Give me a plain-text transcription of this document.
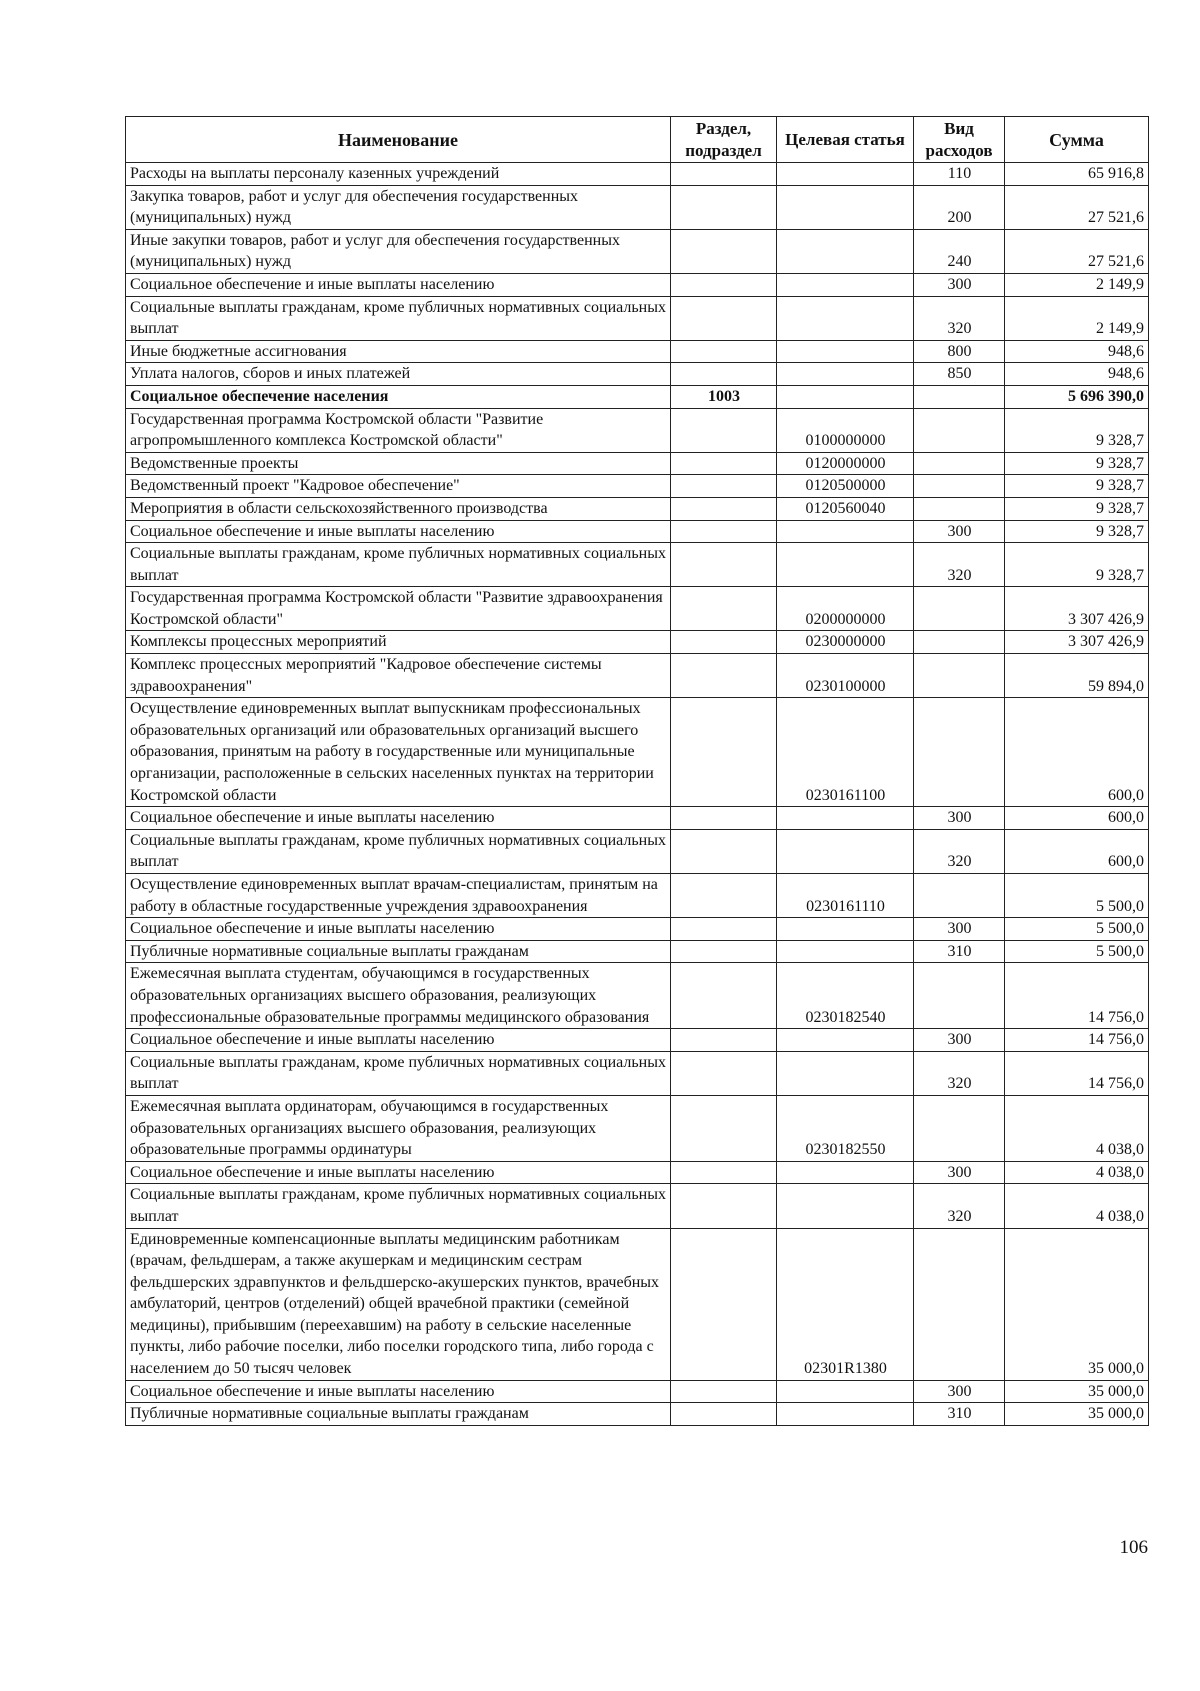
Наименование	Раздел, подраздел	Целевая статья	Вид расходов	Сумма
Расходы на выплаты персоналу казенных учреждений			110	65 916,8
Закупка товаров, работ и услуг для обеспечения государственных (муниципальных) нужд			200	27 521,6
Иные закупки товаров, работ и услуг для обеспечения государственных (муниципальных) нужд			240	27 521,6
Социальное обеспечение и иные выплаты населению			300	2 149,9
Социальные выплаты гражданам, кроме публичных нормативных социальных выплат			320	2 149,9
Иные бюджетные ассигнования			800	948,6
Уплата налогов, сборов и иных платежей			850	948,6
Социальное обеспечение населения	1003			5 696 390,0
Государственная программа Костромской области "Развитие агропромышленного комплекса Костромской области"		0100000000		9 328,7
Ведомственные проекты		0120000000		9 328,7
Ведомственный проект "Кадровое обеспечение"		0120500000		9 328,7
Мероприятия в области сельскохозяйственного производства		0120560040		9 328,7
Социальное обеспечение и иные выплаты населению			300	9 328,7
Социальные выплаты гражданам, кроме публичных нормативных социальных выплат			320	9 328,7
Государственная программа Костромской области "Развитие здравоохранения Костромской области"		0200000000		3 307 426,9
Комплексы процессных мероприятий		0230000000		3 307 426,9
Комплекс процессных мероприятий "Кадровое обеспечение системы здравоохранения"		0230100000		59 894,0
Осуществление единовременных выплат выпускникам профессиональных образовательных организаций или образовательных организаций высшего образования, принятым на работу в государственные или муниципальные организации, расположенные в сельских населенных пунктах на территории Костромской области		0230161100		600,0
Социальное обеспечение и иные выплаты населению			300	600,0
Социальные выплаты гражданам, кроме публичных нормативных социальных выплат			320	600,0
Осуществление единовременных выплат врачам-специалистам, принятым на работу в областные государственные учреждения здравоохранения		0230161110		5 500,0
Социальное обеспечение и иные выплаты населению			300	5 500,0
Публичные нормативные социальные выплаты гражданам			310	5 500,0
Ежемесячная выплата студентам, обучающимся в государственных образовательных организациях высшего образования, реализующих профессиональные образовательные программы медицинского образования		0230182540		14 756,0
Социальное обеспечение и иные выплаты населению			300	14 756,0
Социальные выплаты гражданам, кроме публичных нормативных социальных выплат			320	14 756,0
Ежемесячная выплата ординаторам, обучающимся в государственных образовательных организациях высшего образования, реализующих образовательные программы ординатуры		0230182550		4 038,0
Социальное обеспечение и иные выплаты населению			300	4 038,0
Социальные выплаты гражданам, кроме публичных нормативных социальных выплат			320	4 038,0
Единовременные компенсационные выплаты медицинским работникам (врачам, фельдшерам, а также акушеркам и медицинским сестрам фельдшерских здравпунктов и фельдшерско-акушерских пунктов, врачебных амбулаторий, центров (отделений) общей врачебной практики (семейной медицины), прибывшим (переехавшим) на работу в сельские населенные пункты, либо рабочие поселки, либо поселки городского типа, либо города с населением до 50 тысяч человек		02301R1380		35 000,0
Социальное обеспечение и иные выплаты населению			300	35 000,0
Публичные нормативные социальные выплаты гражданам			310	35 000,0
106
